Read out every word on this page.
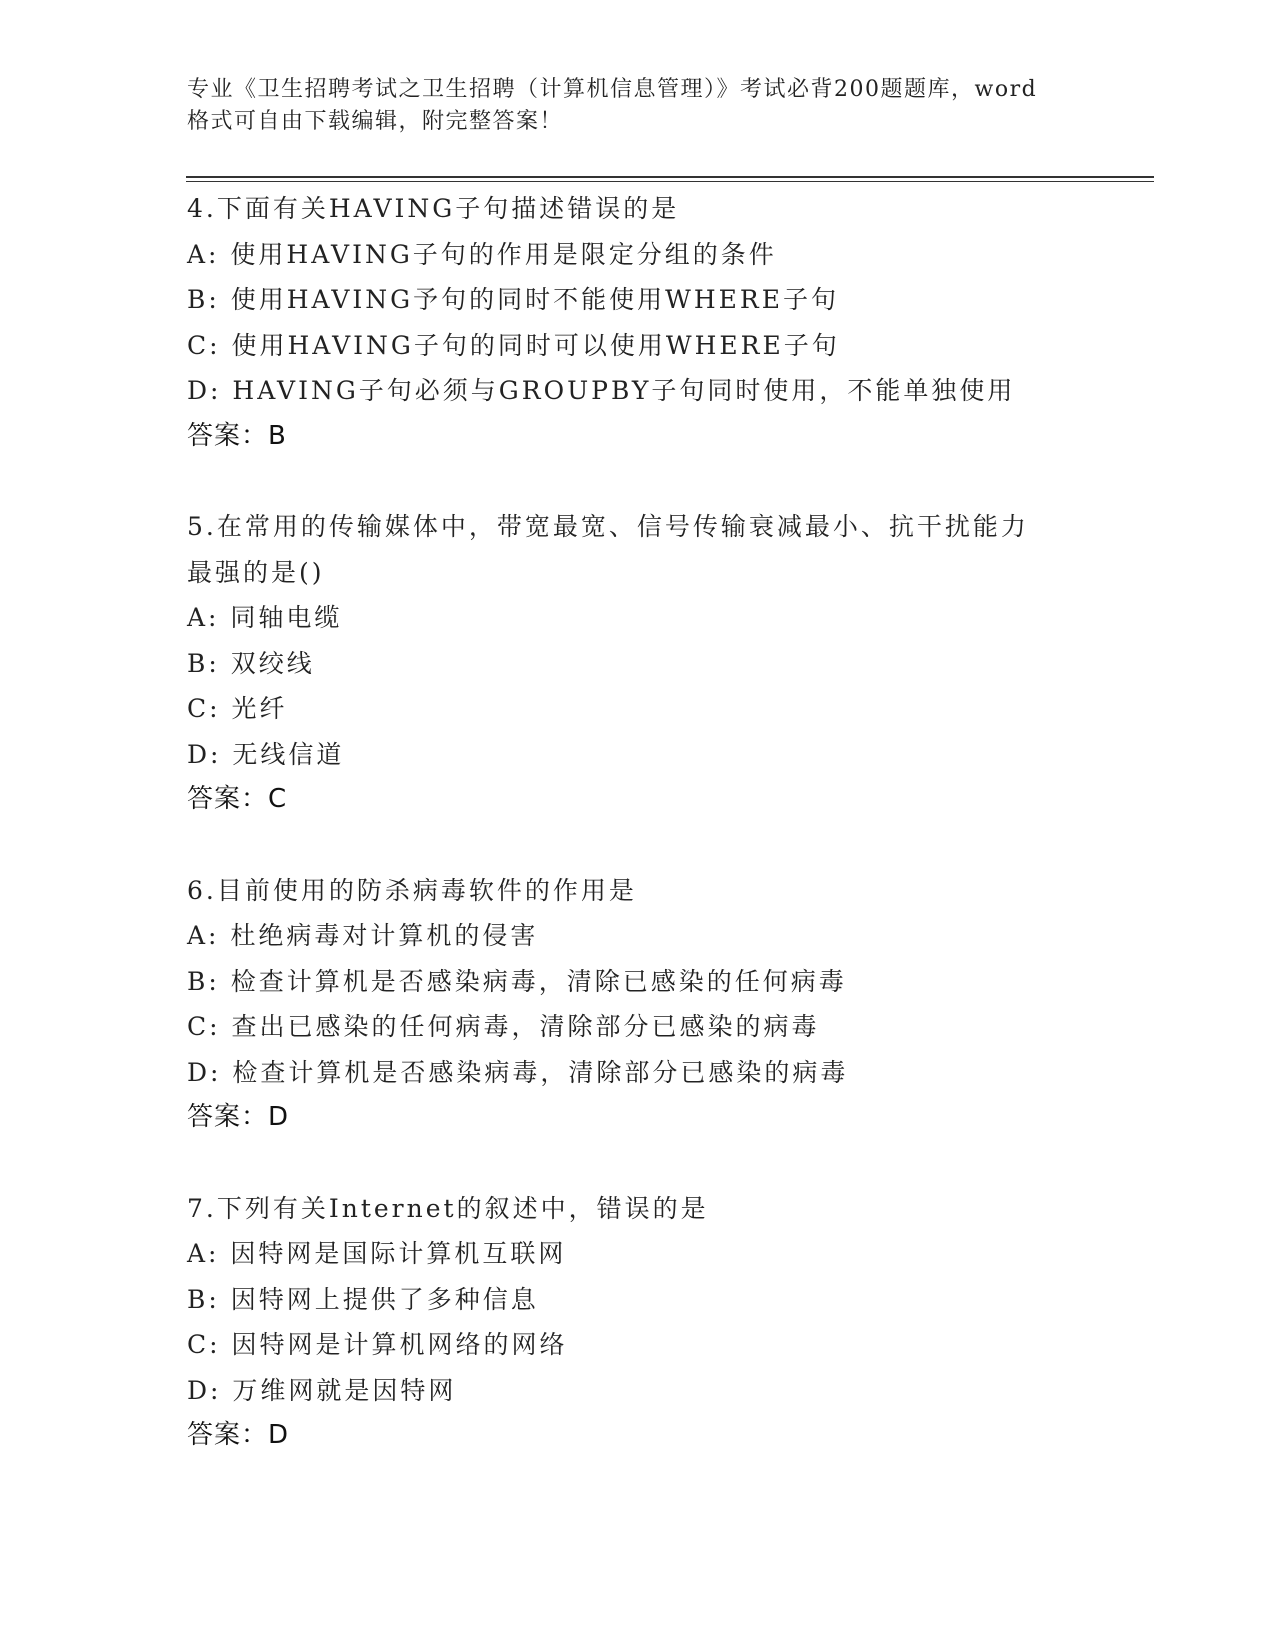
专业《卫生招聘考试之卫生招聘（计算机信息管理）》考试必背200题题库，word
格式可自由下载编辑，附完整答案！
4.下面有关HAVING子句描述错误的是
A: 使用HAVING子句的作用是限定分组的条件
B: 使用HAVING予句的同时不能使用WHERE子句
C: 使用HAVING子句的同时可以使用WHERE子句
D: HAVING子句必须与GROUPBY子句同时使用，不能单独使用
答案：B
5.在常用的传输媒体中，带宽最宽、信号传输衰减最小、抗干扰能力
最强的是()
A: 同轴电缆
B: 双绞线
C: 光纤
D: 无线信道
答案：C
6.目前使用的防杀病毒软件的作用是
A: 杜绝病毒对计算机的侵害
B: 检查计算机是否感染病毒，清除已感染的任何病毒
C: 查出已感染的任何病毒，清除部分已感染的病毒
D: 检查计算机是否感染病毒，清除部分已感染的病毒
答案：D
7.下列有关Internet的叙述中，错误的是
A: 因特网是国际计算机互联网
B: 因特网上提供了多种信息
C: 因特网是计算机网络的网络
D: 万维网就是因特网
答案：D
